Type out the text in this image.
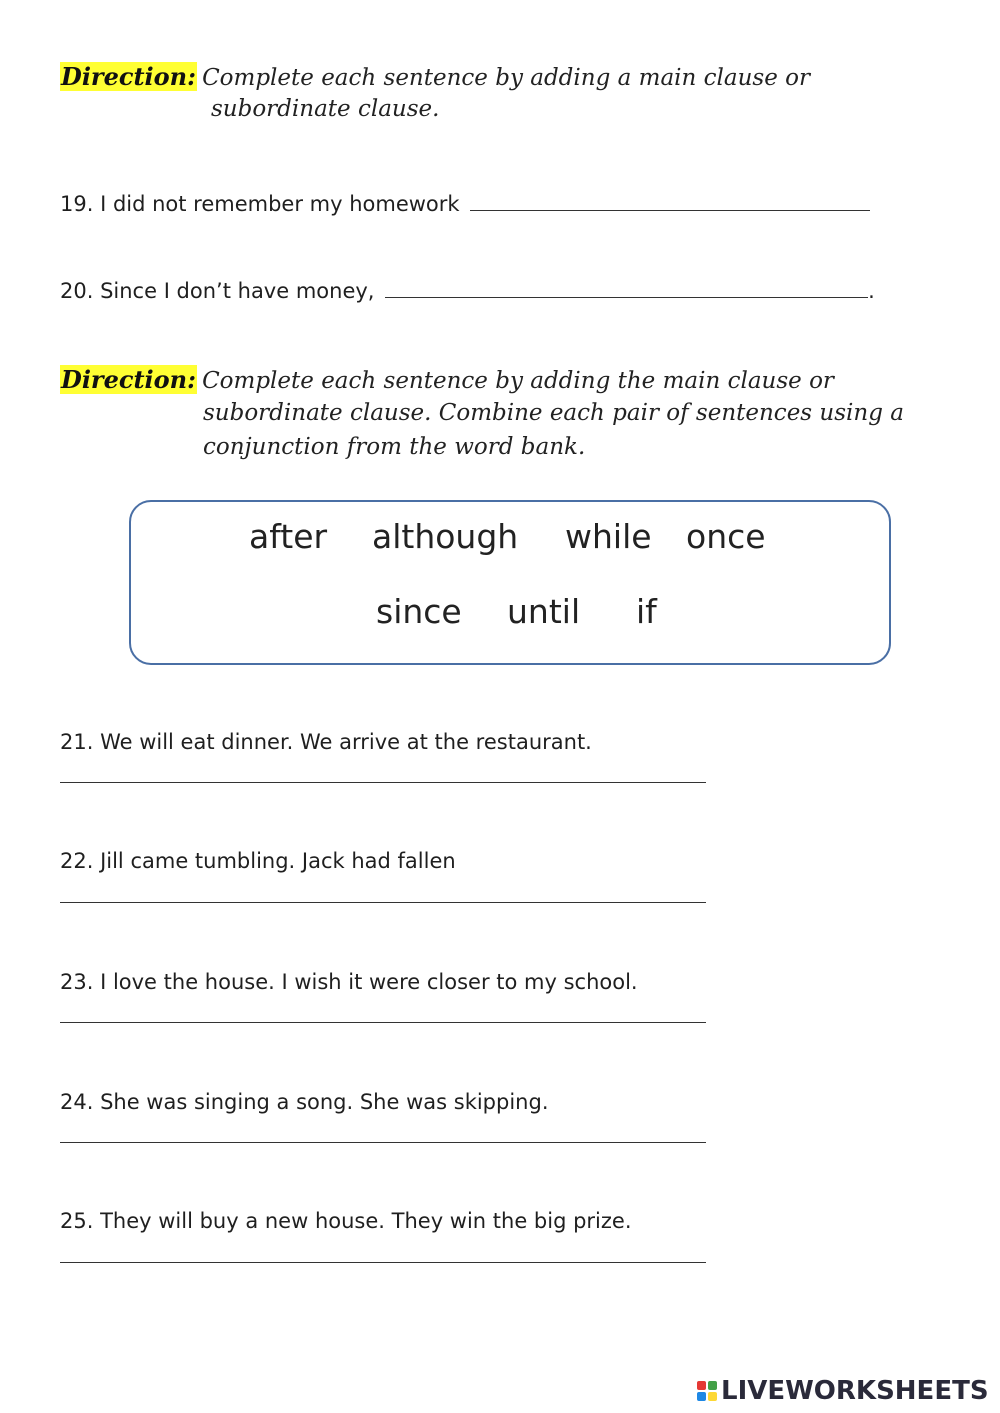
Direction: Complete each sentence by adding a main clause or
subordinate clause.
19. I did not remember my homework
20. Since I don’t have money,	.
Direction: Complete each sentence by adding the main clause or
subordinate clause. Combine each pair of sentences using a
conjunction from the word bank.
after although while once
since until if
21. We will eat dinner. We arrive at the restaurant.
22. Jill came tumbling. Jack had fallen
23. I love the house. I wish it were closer to my school.
24. She was singing a song. She was skipping.
25. They will buy a new house. They win the big prize.
LIVEWORKSHEETS
